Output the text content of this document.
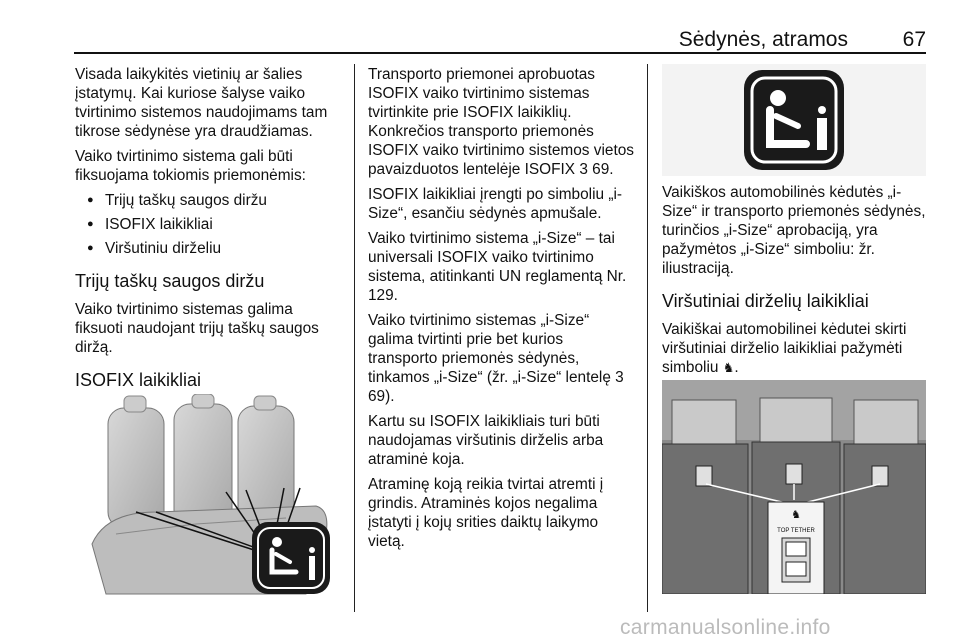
Sėdynės, atramos	67

Visada laikykitės vietinių ar šalies įstatymų. Kai kuriose šalyse vaiko tvirtinimo sistemos naudojimams tam tikrose sėdynėse yra draudžiamas.

Vaiko tvirtinimo sistema gali būti fiksuojama tokiomis priemonėmis:

● Trijų taškų saugos diržu
● ISOFIX laikikliai
● Viršutiniu dirželiu
Trijų taškų saugos diržu

Vaiko tvirtinimo sistemas galima fiksuoti naudojant trijų taškų saugos diržą.

ISOFIX laikikliai

Transporto priemonei aprobuotas ISOFIX vaiko tvirtinimo sistemas tvirtinkite prie ISOFIX laikiklių. Konkrečios transporto priemonės ISOFIX vaiko tvirtinimo sistemos vietos pavaizduotos lentelėje ISOFIX 3 69.

ISOFIX laikikliai įrengti po simboliu „i-Size“, esančiu sėdynės apmušale.

Vaiko tvirtinimo sistema „i-Size“ – tai universali ISOFIX vaiko tvirtinimo sistema, atitinkanti UN reglamentą Nr. 129.

Vaiko tvirtinimo sistemas „i-Size“ galima tvirtinti prie bet kurios transporto priemonės sėdynės, tinkamos „i-Size“ (žr. „i-Size“ lentelę 3 69).

Kartu su ISOFIX laikikliais turi būti naudojamas viršutinis dirželis arba atraminė koja.

Atraminę koją reikia tvirtai atremti į grindis. Atraminės kojos negalima įstatyti į kojų srities daiktų laikymo vietą.

Vaikiškos automobilinės kėdutės „i-Size“ ir transporto priemonės sėdynės, turinčios „i-Size“ aprobaciją, yra pažymėtos „i-Size“ simboliu: žr. iliustraciją.

Viršutiniai dirželių laikikliai

Vaikiškai automobilinei kėdutei skirti viršutiniai dirželio laikikliai pažymėti simboliu ♞.

♞
TOP TETHER
carmanualsonline.info
